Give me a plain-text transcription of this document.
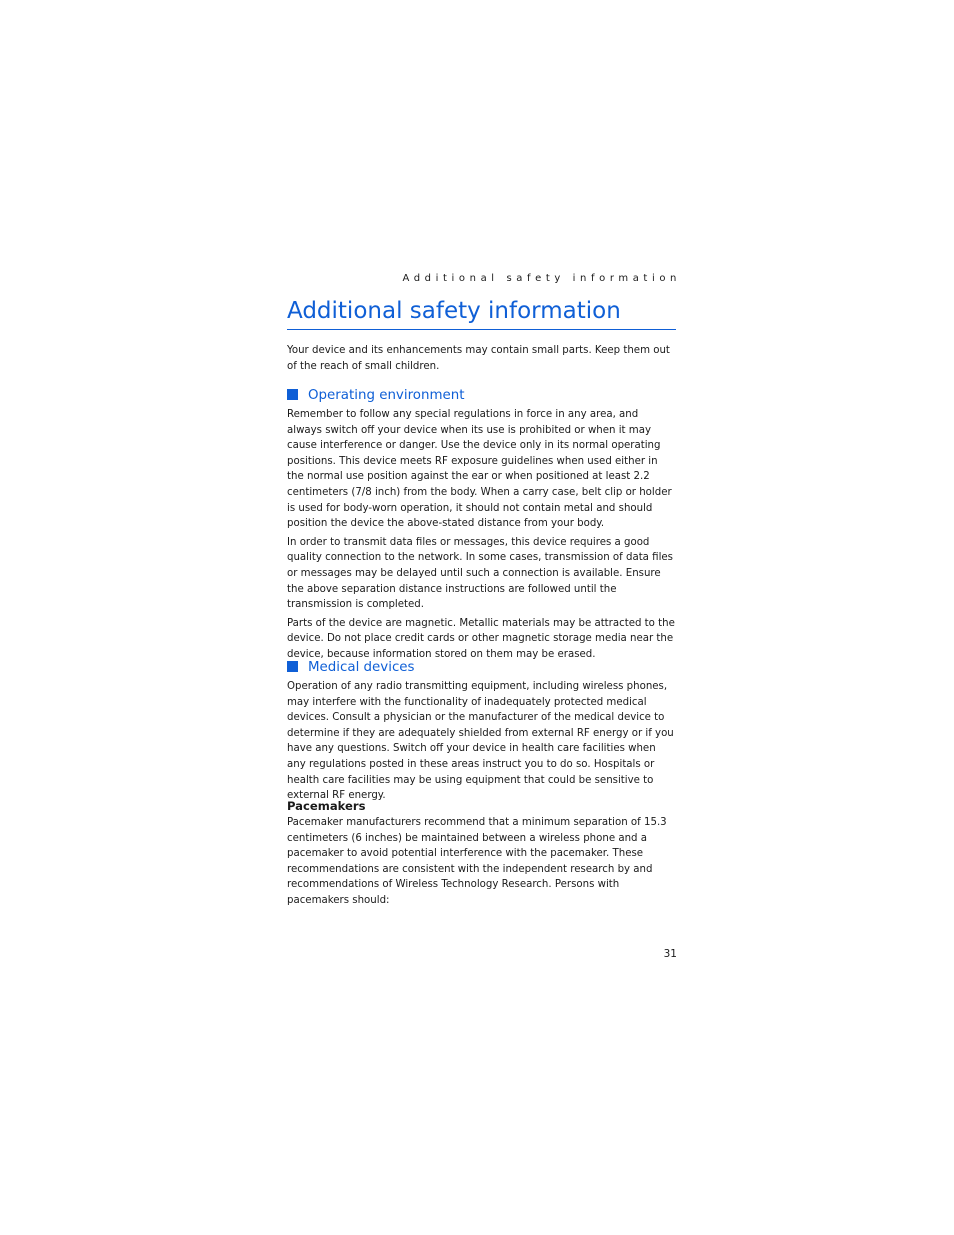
Additional safety information
Additional safety information

Your device and its enhancements may contain small parts. Keep them out of the reach of small children.

Operating environment

Remember to follow any special regulations in force in any area, and always switch off your device when its use is prohibited or when it may cause interference or danger. Use the device only in its normal operating positions. This device meets RF exposure guidelines when used either in the normal use position against the ear or when positioned at least 2.2 centimeters (7/8 inch) from the body. When a carry case, belt clip or holder is used for body-worn operation, it should not contain metal and should position the device the above-stated distance from your body.

In order to transmit data files or messages, this device requires a good quality connection to the network. In some cases, transmission of data files or messages may be delayed until such a connection is available. Ensure the above separation distance instructions are followed until the transmission is completed.

Parts of the device are magnetic. Metallic materials may be attracted to the device. Do not place credit cards or other magnetic storage media near the device, because information stored on them may be erased.

Medical devices

Operation of any radio transmitting equipment, including wireless phones, may interfere with the functionality of inadequately protected medical devices. Consult a physician or the manufacturer of the medical device to determine if they are adequately shielded from external RF energy or if you have any questions. Switch off your device in health care facilities when any regulations posted in these areas instruct you to do so. Hospitals or health care facilities may be using equipment that could be sensitive to external RF energy.

Pacemakers

Pacemaker manufacturers recommend that a minimum separation of 15.3 centimeters (6 inches) be maintained between a wireless phone and a pacemaker to avoid potential interference with the pacemaker. These recommendations are consistent with the independent research by and recommendations of Wireless Technology Research. Persons with pacemakers should:

31
